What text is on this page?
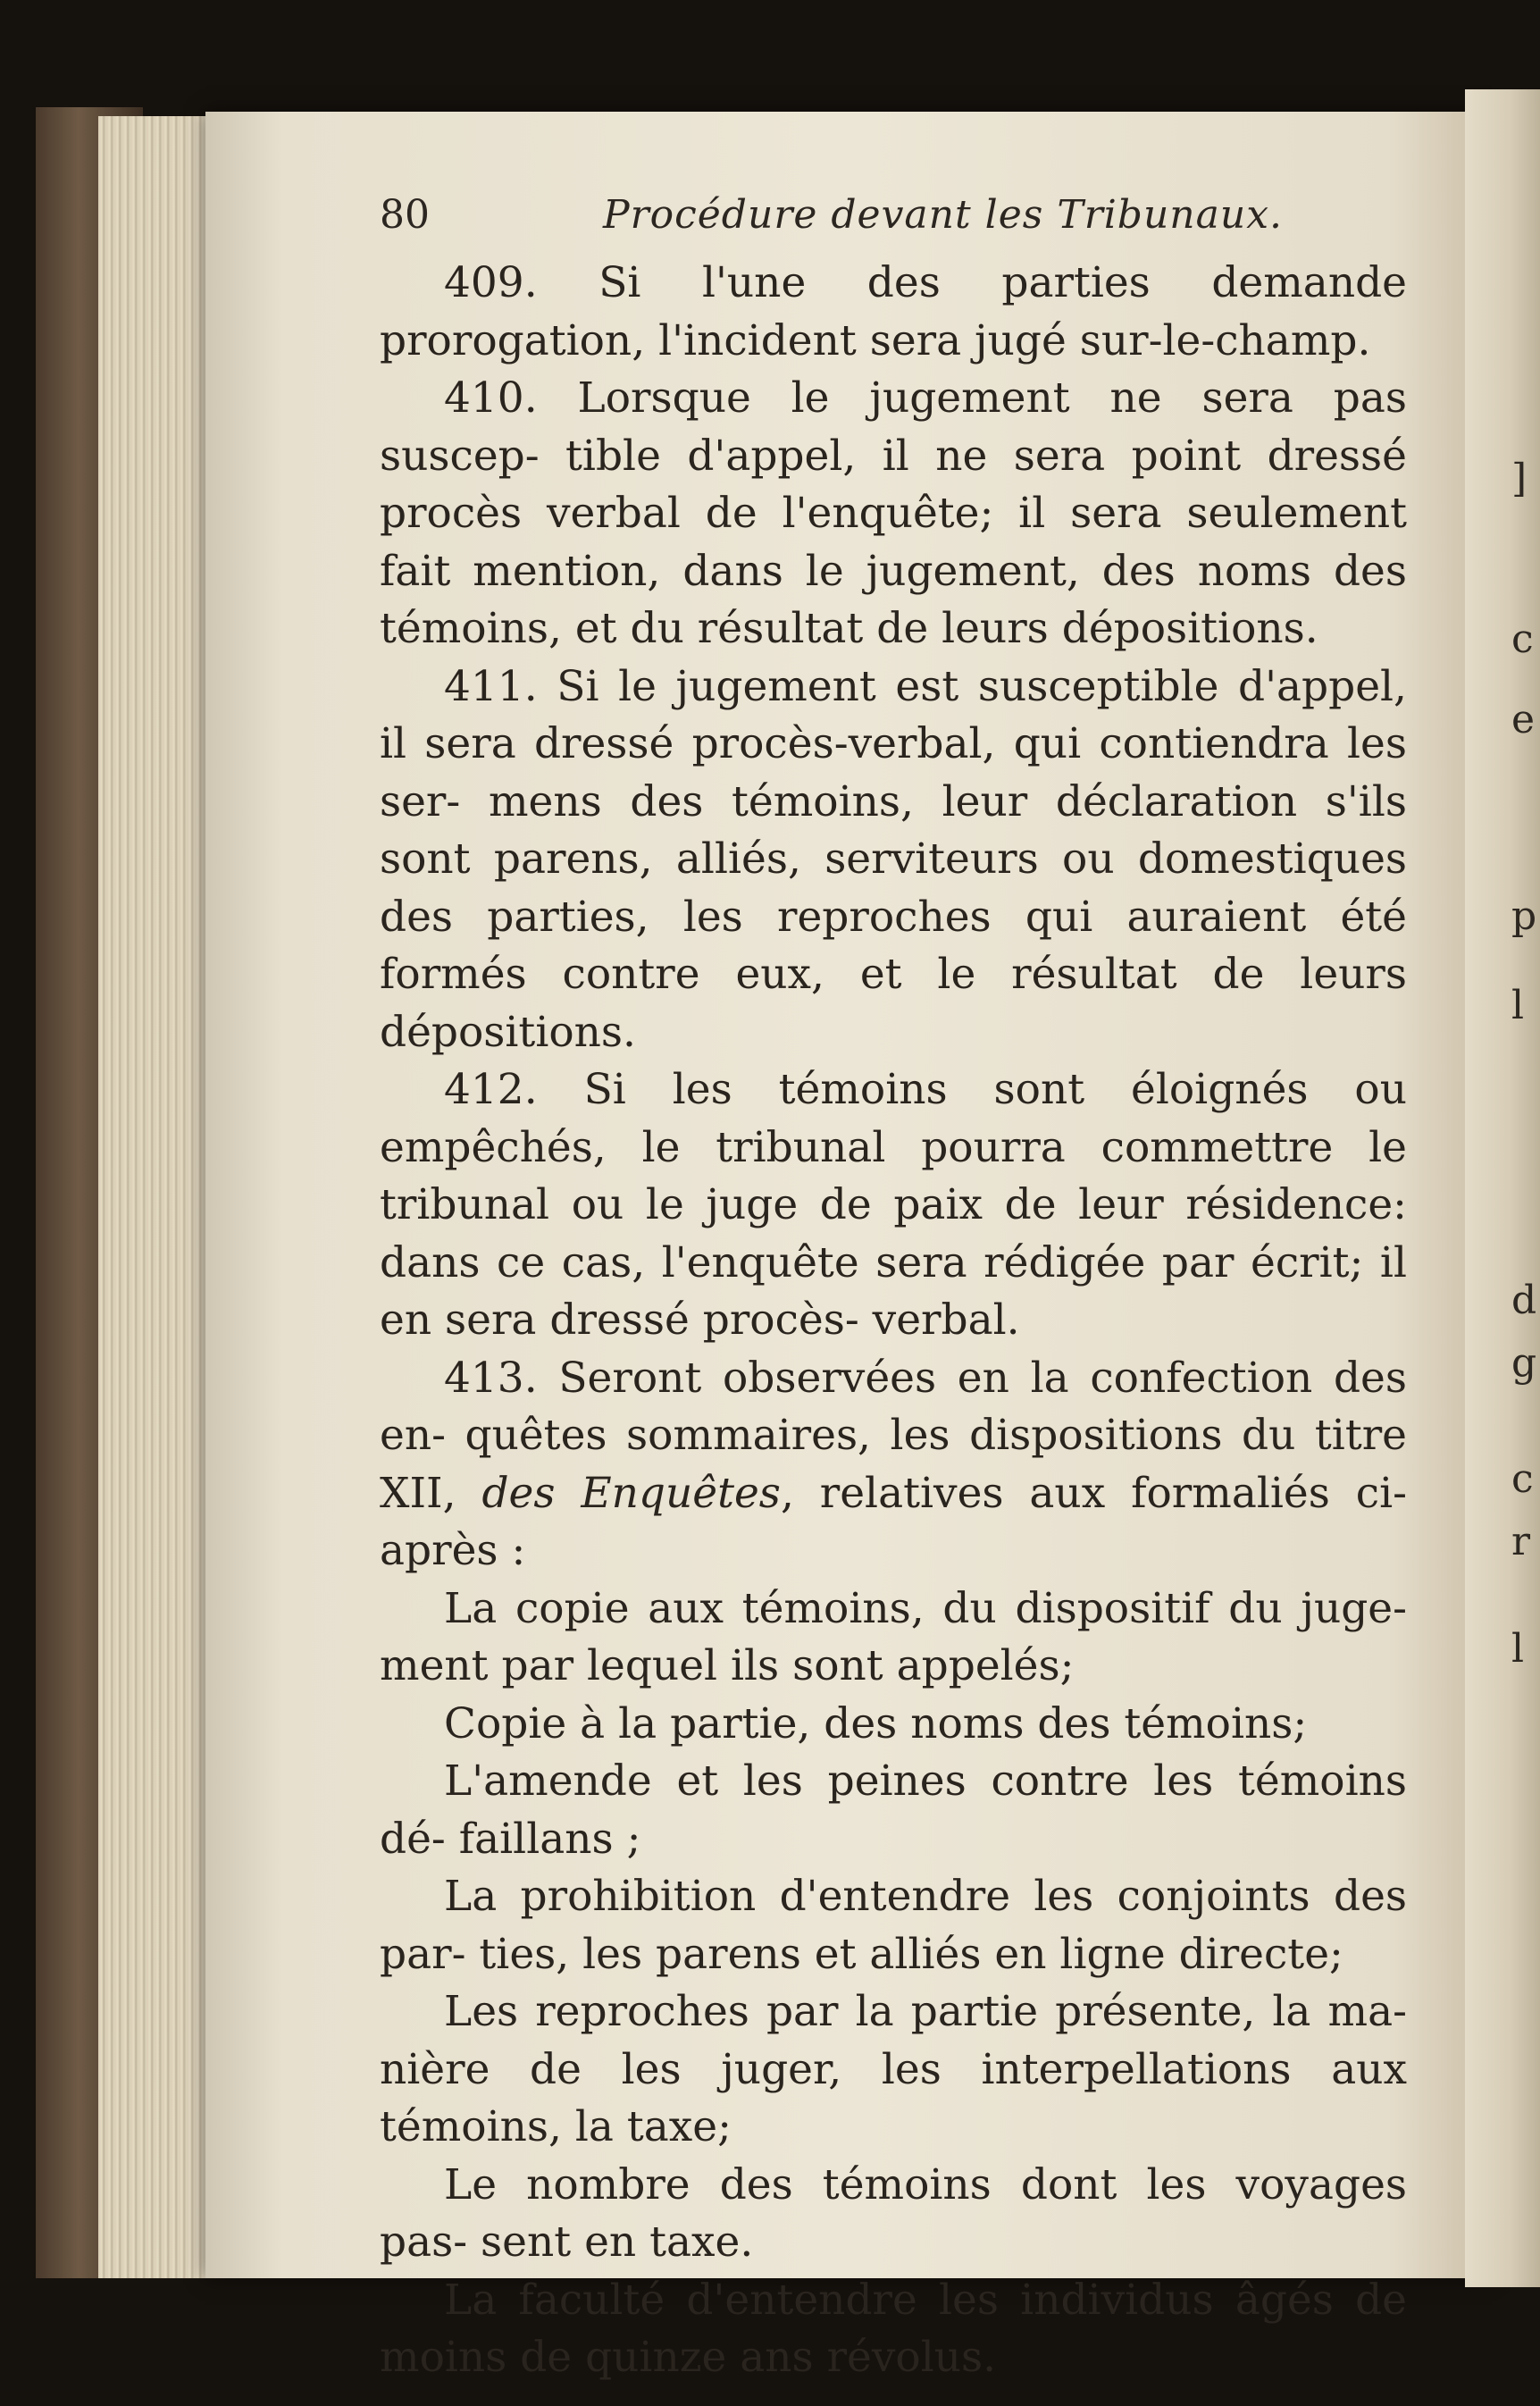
]
c
e
p
l
d
g
c
r
l
80	Procédure devant les Tribunaux.

409. Si l'une des parties demande prorogation, l'incident sera jugé sur-le-champ.

410. Lorsque le jugement ne sera pas suscep- tible d'appel, il ne sera point dressé procès verbal de l'enquête; il sera seulement fait mention, dans le jugement, des noms des témoins, et du résultat de leurs dépositions.

411. Si le jugement est susceptible d'appel, il sera dressé procès-verbal, qui contiendra les ser- mens des témoins, leur déclaration s'ils sont parens, alliés, serviteurs ou domestiques des parties, les reproches qui auraient été formés contre eux, et le résultat de leurs dépositions.

412. Si les témoins sont éloignés ou empêchés, le tribunal pourra commettre le tribunal ou le juge de paix de leur résidence: dans ce cas, l'enquête sera rédigée par écrit; il en sera dressé procès- verbal.

413. Seront observées en la confection des en- quêtes sommaires, les dispositions du titre XII, des Enquêtes, relatives aux formaliés ci-après :

La copie aux témoins, du dispositif du juge- ment par lequel ils sont appelés;

Copie à la partie, des noms des témoins;

L'amende et les peines contre les témoins dé- faillans ;

La prohibition d'entendre les conjoints des par- ties, les parens et alliés en ligne directe;

Les reproches par la partie présente, la ma- nière de les juger, les interpellations aux témoins, la taxe;

Le nombre des témoins dont les voyages pas- sent en taxe.

La faculté d'entendre les individus âgés de moins de quinze ans révolus.
